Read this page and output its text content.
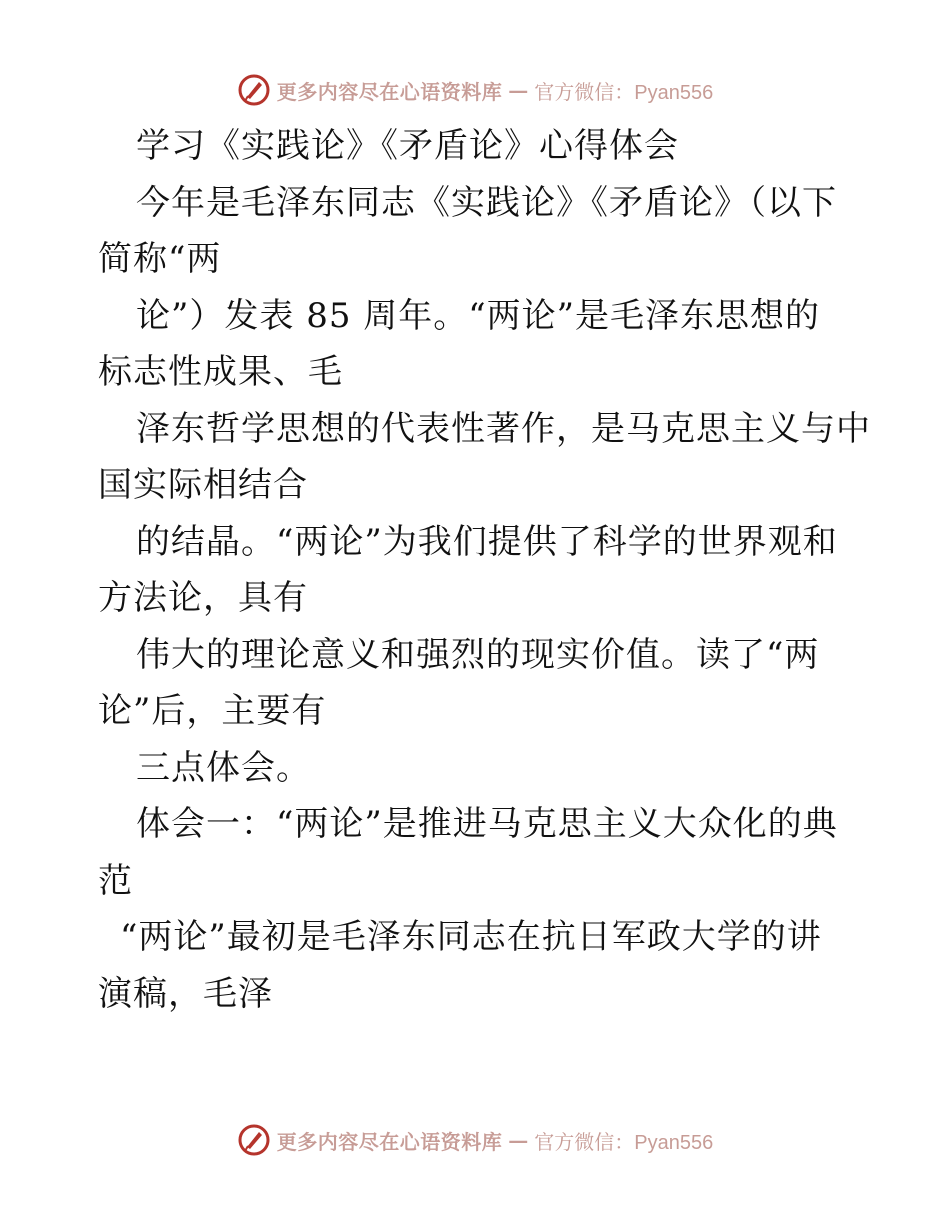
更多内容尽在心语资料库 — 官方微信：Pyan556
学习《实践论》《矛盾论》心得体会
今年是毛泽东同志《实践论》《矛盾论》（以下
简称“两
论”）发表 85 周年。“两论”是毛泽东思想的
标志性成果、毛
泽东哲学思想的代表性著作，是马克思主义与中
国实际相结合
的结晶。“两论”为我们提供了科学的世界观和
方法论，具有
伟大的理论意义和强烈的现实价值。读了“两
论”后，主要有
三点体会。
体会一：“两论”是推进马克思主义大众化的典
范
“两论”最初是毛泽东同志在抗日军政大学的讲
演稿，毛泽
更多内容尽在心语资料库 — 官方微信：Pyan556
